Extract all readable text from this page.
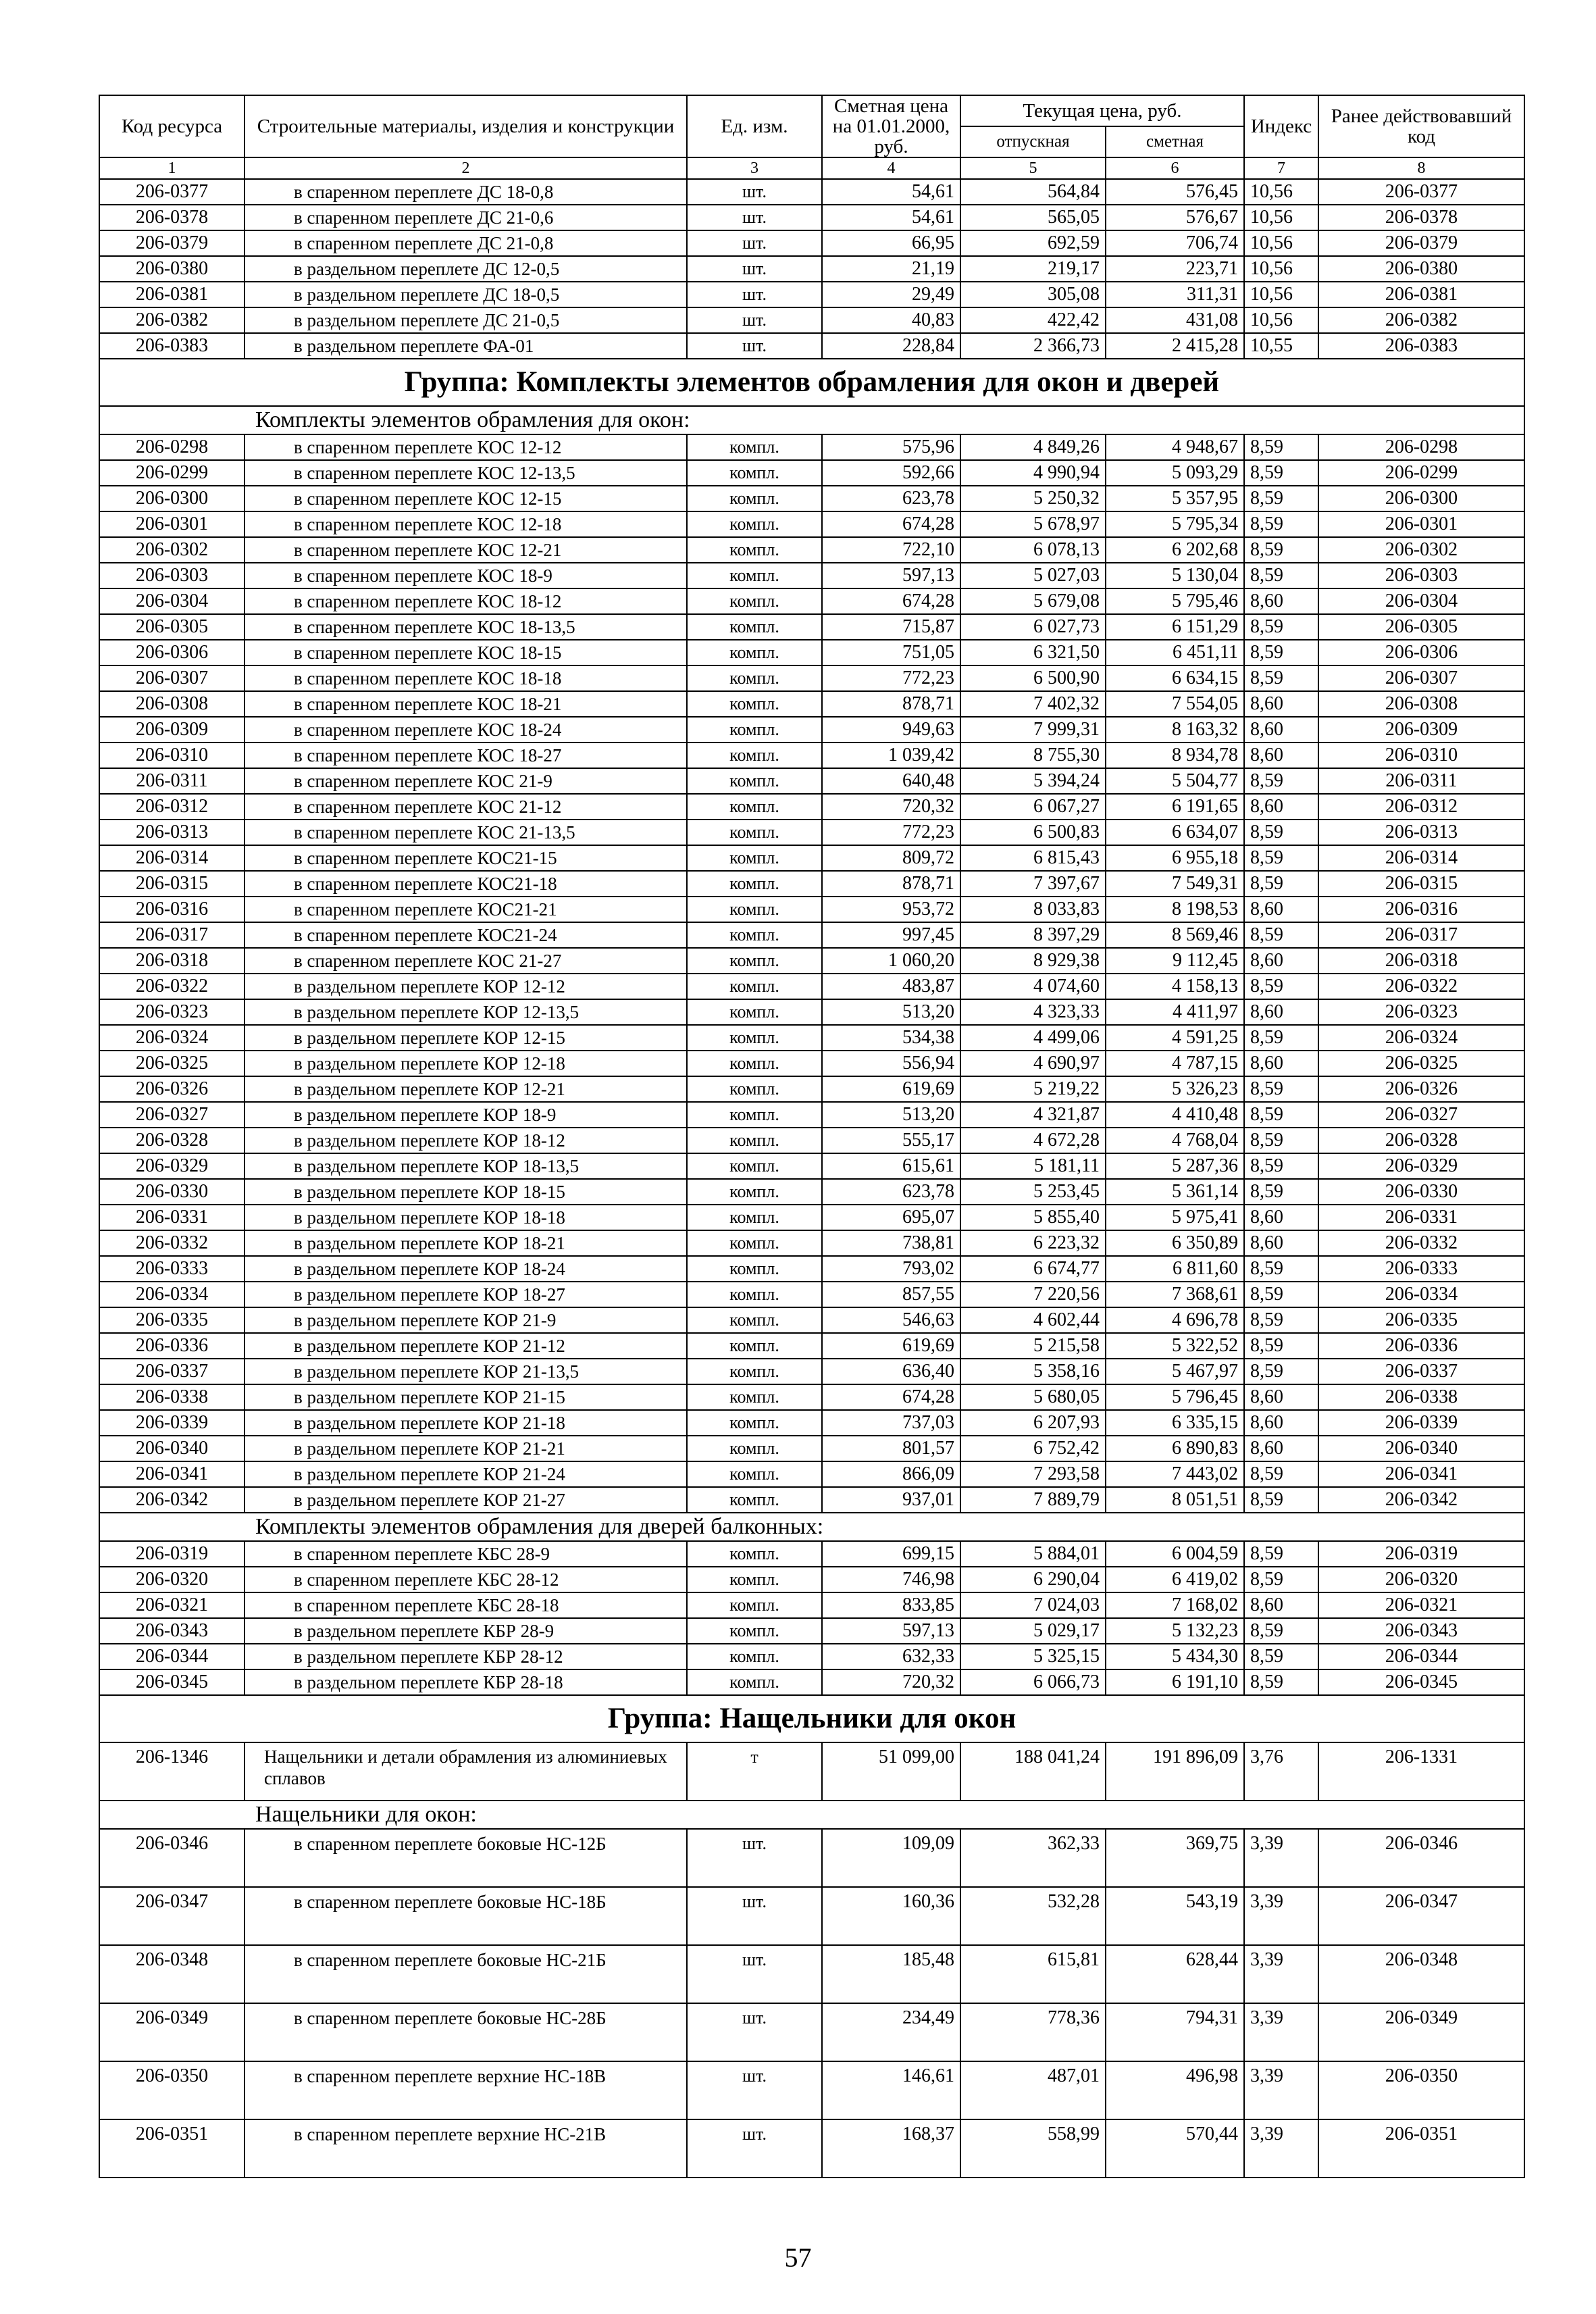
Код ресурса	Строительные материалы, изделия и конструкции	Ед. изм.	Сметная цена на 01.01.2000, руб.	Текущая цена, руб.		Индекс	Ранее действовавший код
				отпускная	сметная		
1	2	3	4	5	6	7	8
206-0377	в спаренном переплете ДС 18-0,8	шт.	54,61	564,84	576,45	10,56	206-0377
206-0378	в спаренном переплете ДС 21-0,6	шт.	54,61	565,05	576,67	10,56	206-0378
206-0379	в спаренном переплете ДС 21-0,8	шт.	66,95	692,59	706,74	10,56	206-0379
206-0380	в раздельном переплете ДС 12-0,5	шт.	21,19	219,17	223,71	10,56	206-0380
206-0381	в раздельном переплете ДС 18-0,5	шт.	29,49	305,08	311,31	10,56	206-0381
206-0382	в раздельном переплете ДС 21-0,5	шт.	40,83	422,42	431,08	10,56	206-0382
206-0383	в раздельном переплете ФА-01	шт.	228,84	2 366,73	2 415,28	10,55	206-0383
Группа: Комплекты элементов обрамления для окон и дверей							
Комплекты элементов обрамления для окон:							
206-0298	в спаренном переплете КОС 12-12	компл.	575,96	4 849,26	4 948,67	8,59	206-0298
206-0299	в спаренном переплете КОС 12-13,5	компл.	592,66	4 990,94	5 093,29	8,59	206-0299
206-0300	в спаренном переплете КОС 12-15	компл.	623,78	5 250,32	5 357,95	8,59	206-0300
206-0301	в спаренном переплете КОС 12-18	компл.	674,28	5 678,97	5 795,34	8,59	206-0301
206-0302	в спаренном переплете КОС 12-21	компл.	722,10	6 078,13	6 202,68	8,59	206-0302
206-0303	в спаренном переплете КОС 18-9	компл.	597,13	5 027,03	5 130,04	8,59	206-0303
206-0304	в спаренном переплете КОС 18-12	компл.	674,28	5 679,08	5 795,46	8,60	206-0304
206-0305	в спаренном переплете КОС 18-13,5	компл.	715,87	6 027,73	6 151,29	8,59	206-0305
206-0306	в спаренном переплете КОС 18-15	компл.	751,05	6 321,50	6 451,11	8,59	206-0306
206-0307	в спаренном переплете КОС 18-18	компл.	772,23	6 500,90	6 634,15	8,59	206-0307
206-0308	в спаренном переплете КОС 18-21	компл.	878,71	7 402,32	7 554,05	8,60	206-0308
206-0309	в спаренном переплете КОС 18-24	компл.	949,63	7 999,31	8 163,32	8,60	206-0309
206-0310	в спаренном переплете КОС 18-27	компл.	1 039,42	8 755,30	8 934,78	8,60	206-0310
206-0311	в спаренном переплете КОС 21-9	компл.	640,48	5 394,24	5 504,77	8,59	206-0311
206-0312	в спаренном переплете КОС 21-12	компл.	720,32	6 067,27	6 191,65	8,60	206-0312
206-0313	в спаренном переплете КОС 21-13,5	компл.	772,23	6 500,83	6 634,07	8,59	206-0313
206-0314	в спаренном переплете КОС21-15	компл.	809,72	6 815,43	6 955,18	8,59	206-0314
206-0315	в спаренном переплете КОС21-18	компл.	878,71	7 397,67	7 549,31	8,59	206-0315
206-0316	в спаренном переплете КОС21-21	компл.	953,72	8 033,83	8 198,53	8,60	206-0316
206-0317	в спаренном переплете КОС21-24	компл.	997,45	8 397,29	8 569,46	8,59	206-0317
206-0318	в спаренном переплете КОС 21-27	компл.	1 060,20	8 929,38	9 112,45	8,60	206-0318
206-0322	в раздельном переплете КОР 12-12	компл.	483,87	4 074,60	4 158,13	8,59	206-0322
206-0323	в раздельном переплете КОР 12-13,5	компл.	513,20	4 323,33	4 411,97	8,60	206-0323
206-0324	в раздельном переплете КОР 12-15	компл.	534,38	4 499,06	4 591,25	8,59	206-0324
206-0325	в раздельном переплете КОР 12-18	компл.	556,94	4 690,97	4 787,15	8,60	206-0325
206-0326	в раздельном переплете КОР 12-21	компл.	619,69	5 219,22	5 326,23	8,59	206-0326
206-0327	в раздельном переплете КОР 18-9	компл.	513,20	4 321,87	4 410,48	8,59	206-0327
206-0328	в раздельном переплете КОР 18-12	компл.	555,17	4 672,28	4 768,04	8,59	206-0328
206-0329	в раздельном переплете КОР 18-13,5	компл.	615,61	5 181,11	5 287,36	8,59	206-0329
206-0330	в раздельном переплете КОР 18-15	компл.	623,78	5 253,45	5 361,14	8,59	206-0330
206-0331	в раздельном переплете КОР 18-18	компл.	695,07	5 855,40	5 975,41	8,60	206-0331
206-0332	в раздельном переплете КОР 18-21	компл.	738,81	6 223,32	6 350,89	8,60	206-0332
206-0333	в раздельном переплете КОР 18-24	компл.	793,02	6 674,77	6 811,60	8,59	206-0333
206-0334	в раздельном переплете КОР 18-27	компл.	857,55	7 220,56	7 368,61	8,59	206-0334
206-0335	в раздельном переплете КОР 21-9	компл.	546,63	4 602,44	4 696,78	8,59	206-0335
206-0336	в раздельном переплете КОР 21-12	компл.	619,69	5 215,58	5 322,52	8,59	206-0336
206-0337	в раздельном переплете КОР 21-13,5	компл.	636,40	5 358,16	5 467,97	8,59	206-0337
206-0338	в раздельном переплете КОР 21-15	компл.	674,28	5 680,05	5 796,45	8,60	206-0338
206-0339	в раздельном переплете КОР 21-18	компл.	737,03	6 207,93	6 335,15	8,60	206-0339
206-0340	в раздельном переплете КОР 21-21	компл.	801,57	6 752,42	6 890,83	8,60	206-0340
206-0341	в раздельном переплете КОР 21-24	компл.	866,09	7 293,58	7 443,02	8,59	206-0341
206-0342	в раздельном переплете КОР 21-27	компл.	937,01	7 889,79	8 051,51	8,59	206-0342
Комплекты элементов обрамления для дверей балконных:							
206-0319	в спаренном переплете КБС 28-9	компл.	699,15	5 884,01	6 004,59	8,59	206-0319
206-0320	в спаренном переплете КБС 28-12	компл.	746,98	6 290,04	6 419,02	8,59	206-0320
206-0321	в спаренном переплете КБС 28-18	компл.	833,85	7 024,03	7 168,02	8,60	206-0321
206-0343	в раздельном переплете КБР 28-9	компл.	597,13	5 029,17	5 132,23	8,59	206-0343
206-0344	в раздельном переплете КБР 28-12	компл.	632,33	5 325,15	5 434,30	8,59	206-0344
206-0345	в раздельном переплете КБР 28-18	компл.	720,32	6 066,73	6 191,10	8,59	206-0345
Группа: Нащельники для окон							
206-1346	Нащельники и детали обрамления из алюминиевых сплавов	т	51 099,00	188 041,24	191 896,09	3,76	206-1331
Нащельники для окон:							
206-0346	в спаренном переплете боковые НС-12Б	шт.	109,09	362,33	369,75	3,39	206-0346
206-0347	в спаренном переплете боковые НС-18Б	шт.	160,36	532,28	543,19	3,39	206-0347
206-0348	в спаренном переплете боковые НС-21Б	шт.	185,48	615,81	628,44	3,39	206-0348
206-0349	в спаренном переплете боковые НС-28Б	шт.	234,49	778,36	794,31	3,39	206-0349
206-0350	в спаренном переплете верхние НС-18В	шт.	146,61	487,01	496,98	3,39	206-0350
206-0351	в спаренном переплете верхние НС-21В	шт.	168,37	558,99	570,44	3,39	206-0351
57
